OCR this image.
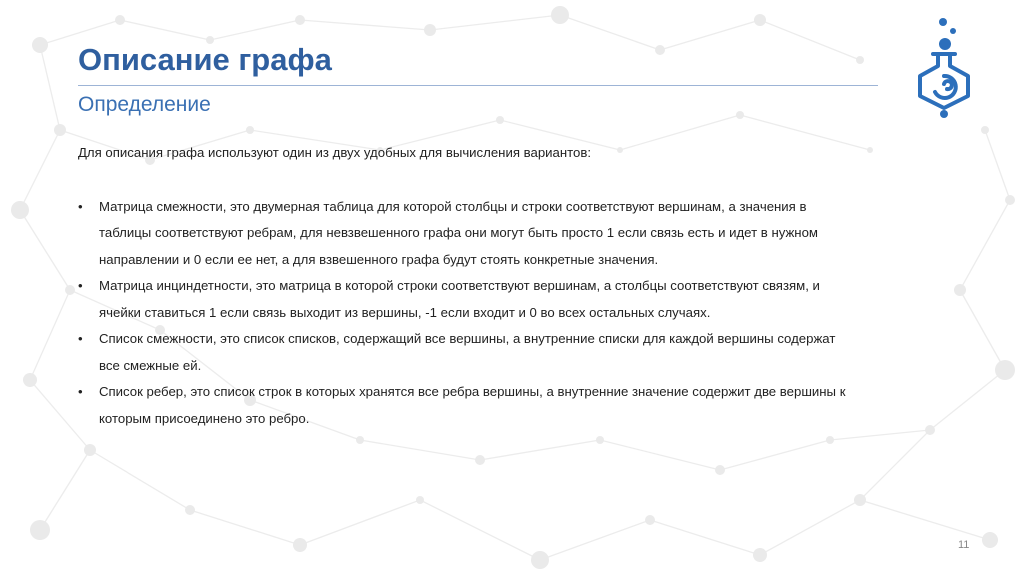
Описание графа
Определение

Для описания графа используют один из двух удобных для вычисления вариантов:

•	Матрица смежности, это двумерная таблица для которой столбцы и строки соответствуют вершинам, а значения в
таблицы соответствуют ребрам, для невзвешенного графа они могут быть просто 1 если связь есть и идет в нужном
направлении и 0 если ее нет, а для взвешенного графа будут стоять конкретные значения.
•	Матрица инциндетности, это матрица в которой строки соответствуют вершинам, а столбцы соответствуют связям, и
ячейки ставиться 1 если связь выходит из вершины, -1 если входит и 0 во всех остальных случаях.
•	Список смежности, это список списков, содержащий все вершины, а внутренние списки для каждой вершины содержат
все смежные ей.
•	Список ребер, это список строк в которых хранятся все ребра вершины, а внутренние значение содержит две вершины к
которым присоединено это ребро.
11
